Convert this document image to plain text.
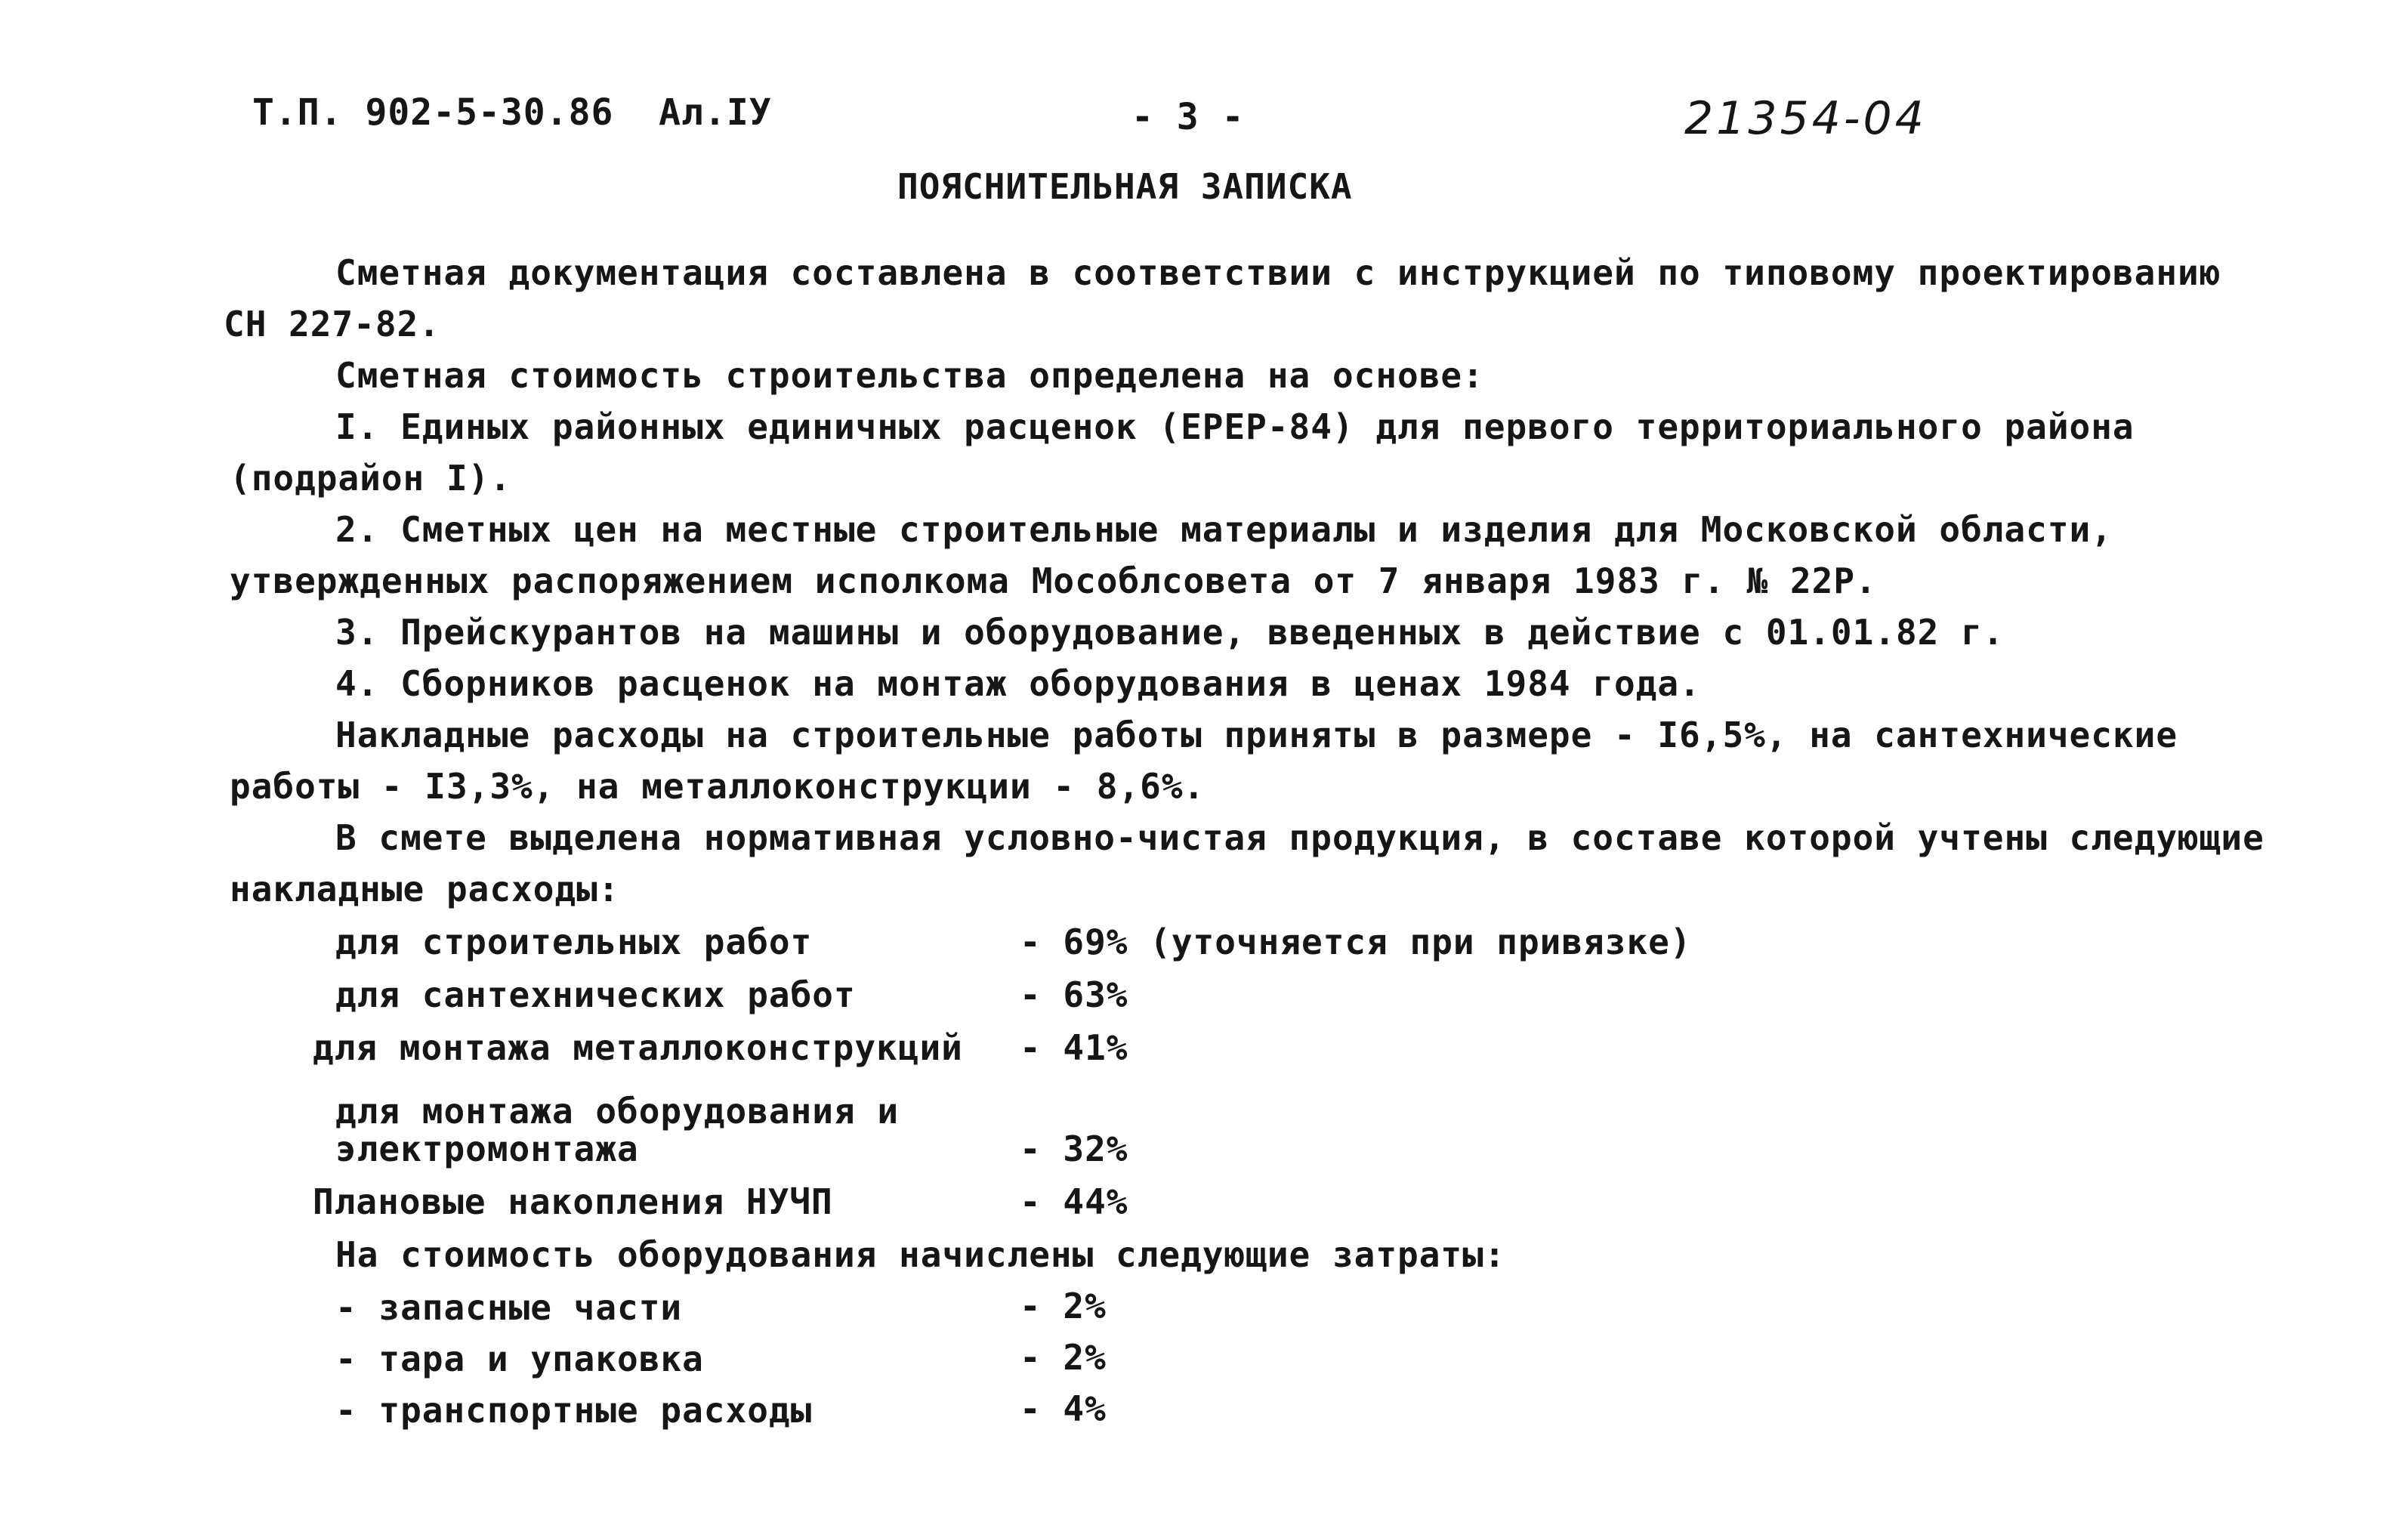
Т.П. 902-5-30.86  Ал.IУ	- 3 -	21354-04
ПОЯСНИТЕЛЬНАЯ ЗАПИСКА
Сметная документация составлена в соответствии с инструкцией по типовому проектированию
СН 227-82.
Сметная стоимость строительства определена на основе:
I. Единых районных единичных расценок (ЕРЕР-84) для первого территориального района
(подрайон I).
2. Сметных цен на местные строительные материалы и изделия для Московской области,
утвержденных распоряжением исполкома Мособлсовета от 7 января 1983 г. № 22Р.
3. Прейскурантов на машины и оборудование, введенных в действие с 01.01.82 г.
4. Сборников расценок на монтаж оборудования в ценах 1984 года.
Накладные расходы на строительные работы приняты в размере - I6,5%, на сантехнические
работы - I3,3%, на металлоконструкции - 8,6%.
В смете выделена нормативная условно-чистая продукция, в составе которой учтены следующие
накладные расходы:
для строительных работ	- 69% (уточняется при привязке)
для сантехнических работ	- 63%
для монтажа металлоконструкций - 41%
для монтажа оборудования и
электромонтажа	- 32%
Плановые накопления НУЧП	- 44%
На стоимость оборудования начислены следующие затраты:
- запасные части	- 2%
- тара и упаковка	- 2%
- транспортные расходы	- 4%
